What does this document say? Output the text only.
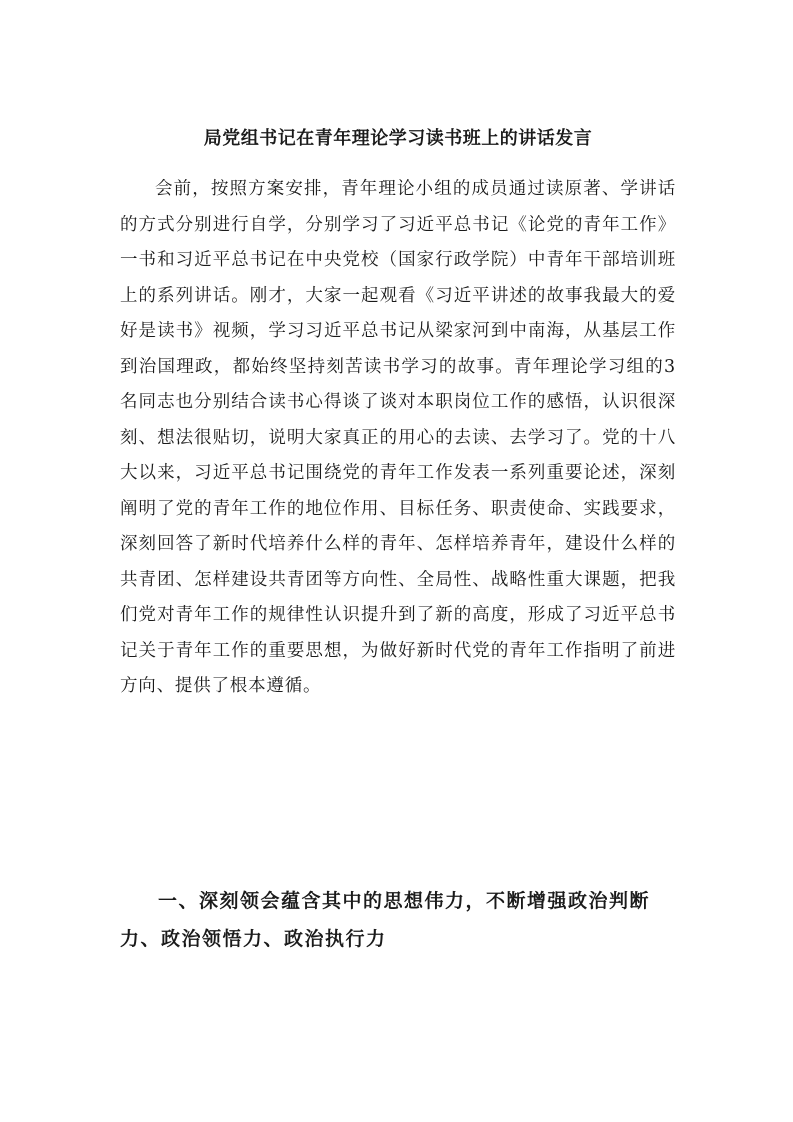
局党组书记在青年理论学习读书班上的讲话发言

会前，按照方案安排，青年理论小组的成员通过读原著、学讲话的方式分别进行自学，分别学习了习近平总书记《论党的青年工作》一书和习近平总书记在中央党校（国家行政学院）中青年干部培训班上的系列讲话。刚才，大家一起观看《习近平讲述的故事我最大的爱好是读书》视频，学习习近平总书记从梁家河到中南海，从基层工作到治国理政，都始终坚持刻苦读书学习的故事。青年理论学习组的3名同志也分别结合读书心得谈了谈对本职岗位工作的感悟，认识很深刻、想法很贴切，说明大家真正的用心的去读、去学习了。党的十八大以来，习近平总书记围绕党的青年工作发表一系列重要论述，深刻阐明了党的青年工作的地位作用、目标任务、职责使命、实践要求，深刻回答了新时代培养什么样的青年、怎样培养青年，建设什么样的共青团、怎样建设共青团等方向性、全局性、战略性重大课题，把我们党对青年工作的规律性认识提升到了新的高度，形成了习近平总书记关于青年工作的重要思想，为做好新时代党的青年工作指明了前进方向、提供了根本遵循。

一、深刻领会蕴含其中的思想伟力，不断增强政治判断力、政治领悟力、政治执行力
